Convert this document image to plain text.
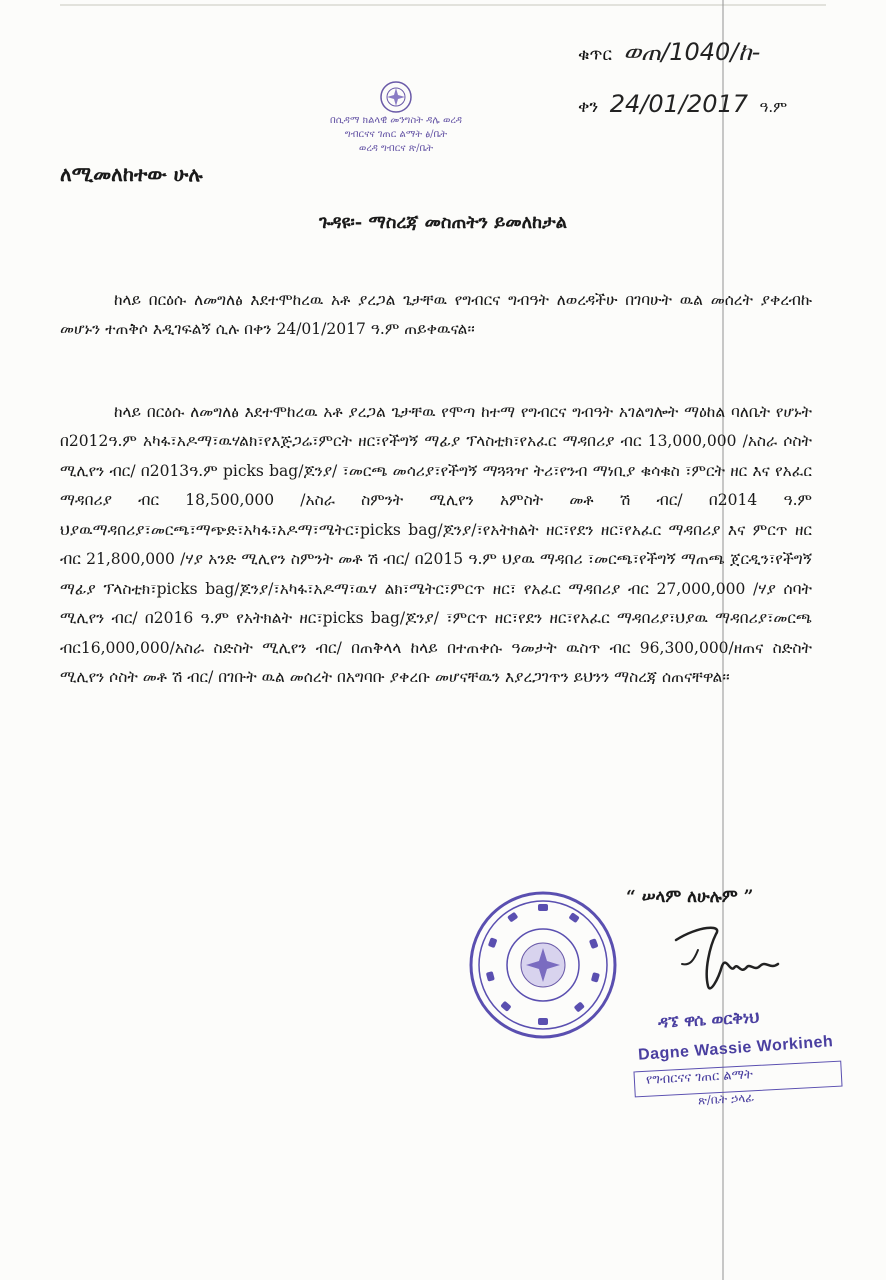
ቁጥር ወጠ/1040/ከ-
ቀን 24/01/2017 ዓ.ም
በሲዳማ ክልላዊ መንግስት ዳሌ ወረዳ
ግብርናና ገጠር ልማት ፅ/ቤት
ወረዳ ግብርና ጽ/ቤት
ለሚመለከተው ሁሉ
ጉዳዩ፡- ማስረጃ መስጠትን ይመለከታል

ከላይ በርዕሱ ለመግለፅ እደተሞከረዉ አቶ ያረጋል ጌታቸዉ የግብርና ግብዓት ለወረዳችሁ በገባሁት ዉል መሰረት ያቀረብኩ መሆኑን ተጠቅሶ እዲገፍልኝ ሲሉ በቀን 24/01/2017 ዓ.ም ጠይቀዉናል፡፡

ከላይ በርዕሱ ለመግለፅ እደተሞከረዉ አቶ ያረጋል ጌታቸዉ የሞጣ ከተማ የግብርና ግብዓት አገልግሎት ማዕከል ባለቤት የሆኑት በ2012ዓ.ም አካፋ፣አዶማ፣ዉሃልክ፣የእጅጋሬ፣ምርት ዘር፣የችግኝ ማፊያ ፕላስቲክ፣የአፈር ማዳበሪያ ብር 13,000,000 /አስራ ሶስት ሚሊየን ብር/ በ2013ዓ.ም picks bag/ጆንያ/ ፣መርጫ መሳሪያ፣የችግኝ ማጓጓዣ ትሪ፣የንብ ማነቢያ ቁሳቁስ ፣ምርት ዘር እና የአፈር ማዳበሪያ ብር 18,500,000 /አስራ ስምንት ሚሊየን አምስት መቶ ሽ ብር/ በ2014 ዓ.ም ህያዉማዳበሪያ፣መርጫ፣ማጭድ፣አካፋ፣አዶማ፣ሜትር፣picks bag/ጆንያ/፣የአትክልት ዘር፣የደን ዘር፣የአፈር ማዳበሪያ እና ምርጥ ዘር ብር 21,800,000 /ሃያ አንድ ሚሊየን ስምንት መቶ ሽ ብር/ በ2015 ዓ.ም ህያዉ ማዳበሪ ፣መርጫ፣የችግኝ ማጠጫ ጀርዲን፣የችግኝ ማፊያ ፕላስቲክ፣picks bag/ጆንያ/፣አካፋ፣አዶማ፣ዉሃ ልክ፣ሜትር፣ምርጥ ዘር፣ የአፈር ማዳበሪያ ብር 27,000,000 /ሃያ ሰባት ሚሊየን ብር/ በ2016 ዓ.ም የአትክልት ዘር፣picks bag/ጆንያ/ ፣ምርጥ ዘር፣የደን ዘር፣የአፈር ማዳበሪያ፣ህያዉ ማዳበሪያ፣መርጫ ብር16,000,000/አስራ ስድስት ሚሊየን ብር/ በጠቅላላ ከላይ በተጠቀሱ ዓመታት ዉስጥ ብር 96,300,000/ዘጠና ስድስት ሚሊየን ሶስት መቶ ሽ ብር/ በገቡት ዉል መሰረት በአግባቡ ያቀረቡ መሆናቸዉን እያረጋገጥን ይህንን ማስረጃ ሰጠናቸዋል፡፡

“ ሠላም ለሁሉም ”
ዳኜ ዋሴ ወርቅነህ
Dagne Wassie Workineh
የግብርናና ገጠር ልማት
ጽ/ቤት ኃላፊ
